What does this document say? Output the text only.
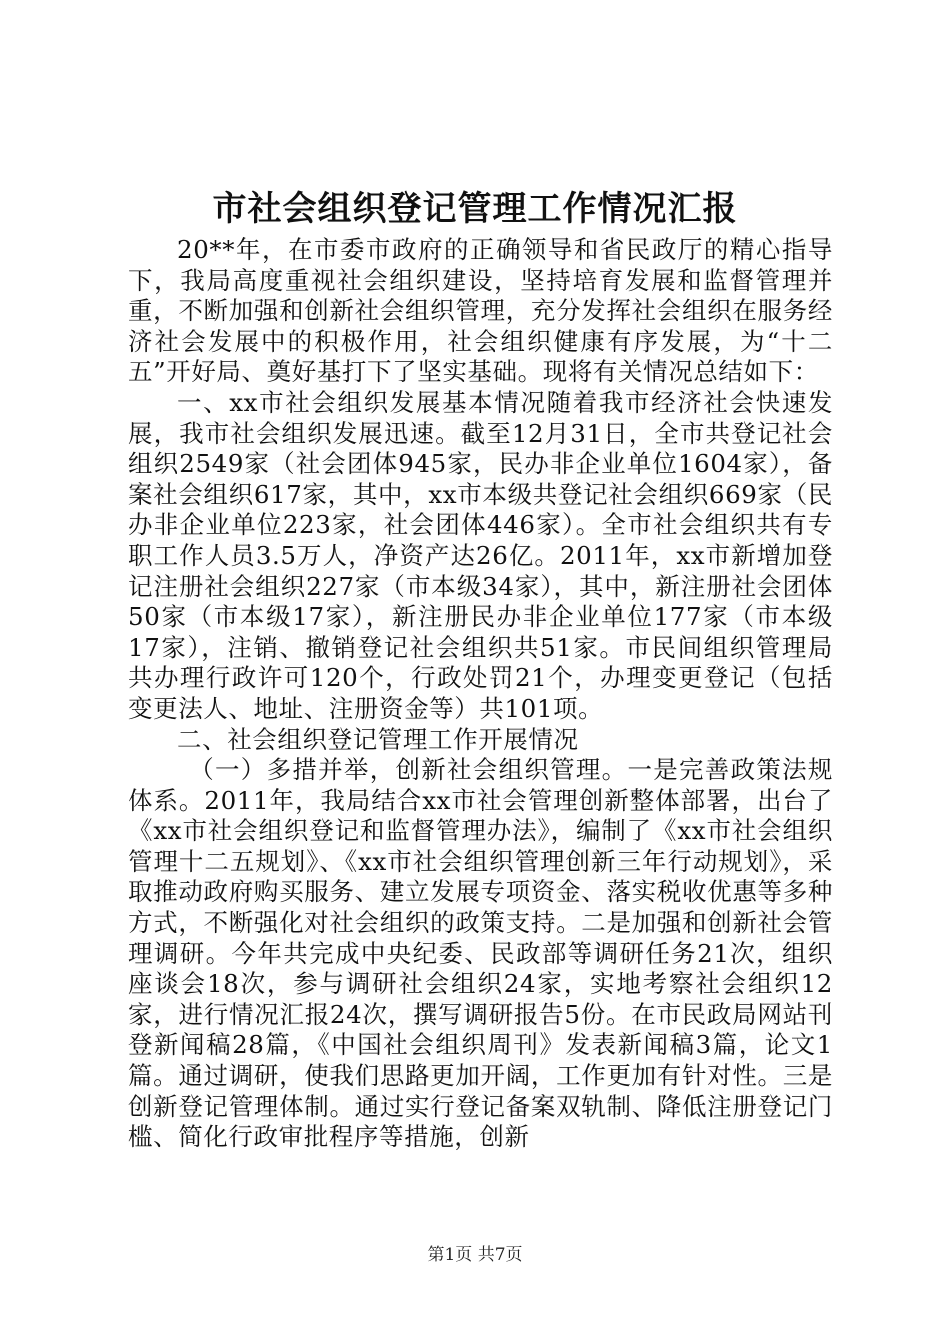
市社会组织登记管理工作情况汇报

20**年，在市委市政府的正确领导和省民政厅的精心指导下，我局高度重视社会组织建设，坚持培育发展和监督管理并重，不断加强和创新社会组织管理，充分发挥社会组织在服务经济社会发展中的积极作用，社会组织健康有序发展，为“十二五”开好局、奠好基打下了坚实基础。现将有关情况总结如下：

一、xx市社会组织发展基本情况随着我市经济社会快速发展，我市社会组织发展迅速。截至12月31日，全市共登记社会组织2549家（社会团体945家，民办非企业单位1604家），备案社会组织617家，其中，xx市本级共登记社会组织669家（民办非企业单位223家，社会团体446家）。全市社会组织共有专职工作人员3.5万人，净资产达26亿。2011年，xx市新增加登记注册社会组织227家（市本级34家），其中，新注册社会团体50家（市本级17家），新注册民办非企业单位177家（市本级17家），注销、撤销登记社会组织共51家。市民间组织管理局共办理行政许可120个，行政处罚21个，办理变更登记（包括变更法人、地址、注册资金等）共101项。

二、社会组织登记管理工作开展情况

（一）多措并举，创新社会组织管理。一是完善政策法规体系。2011年，我局结合xx市社会管理创新整体部署，出台了《xx市社会组织登记和监督管理办法》，编制了《xx市社会组织管理十二五规划》、《xx市社会组织管理创新三年行动规划》，采取推动政府购买服务、建立发展专项资金、落实税收优惠等多种方式，不断强化对社会组织的政策支持。二是加强和创新社会管理调研。今年共完成中央纪委、民政部等调研任务21次，组织座谈会18次，参与调研社会组织24家，实地考察社会组织12家，进行情况汇报24次，撰写调研报告5份。在市民政局网站刊登新闻稿28篇，《中国社会组织周刊》发表新闻稿3篇，论文1篇。通过调研，使我们思路更加开阔，工作更加有针对性。三是创新登记管理体制。通过实行登记备案双轨制、降低注册登记门槛、简化行政审批程序等措施，创新

第1页 共7页
